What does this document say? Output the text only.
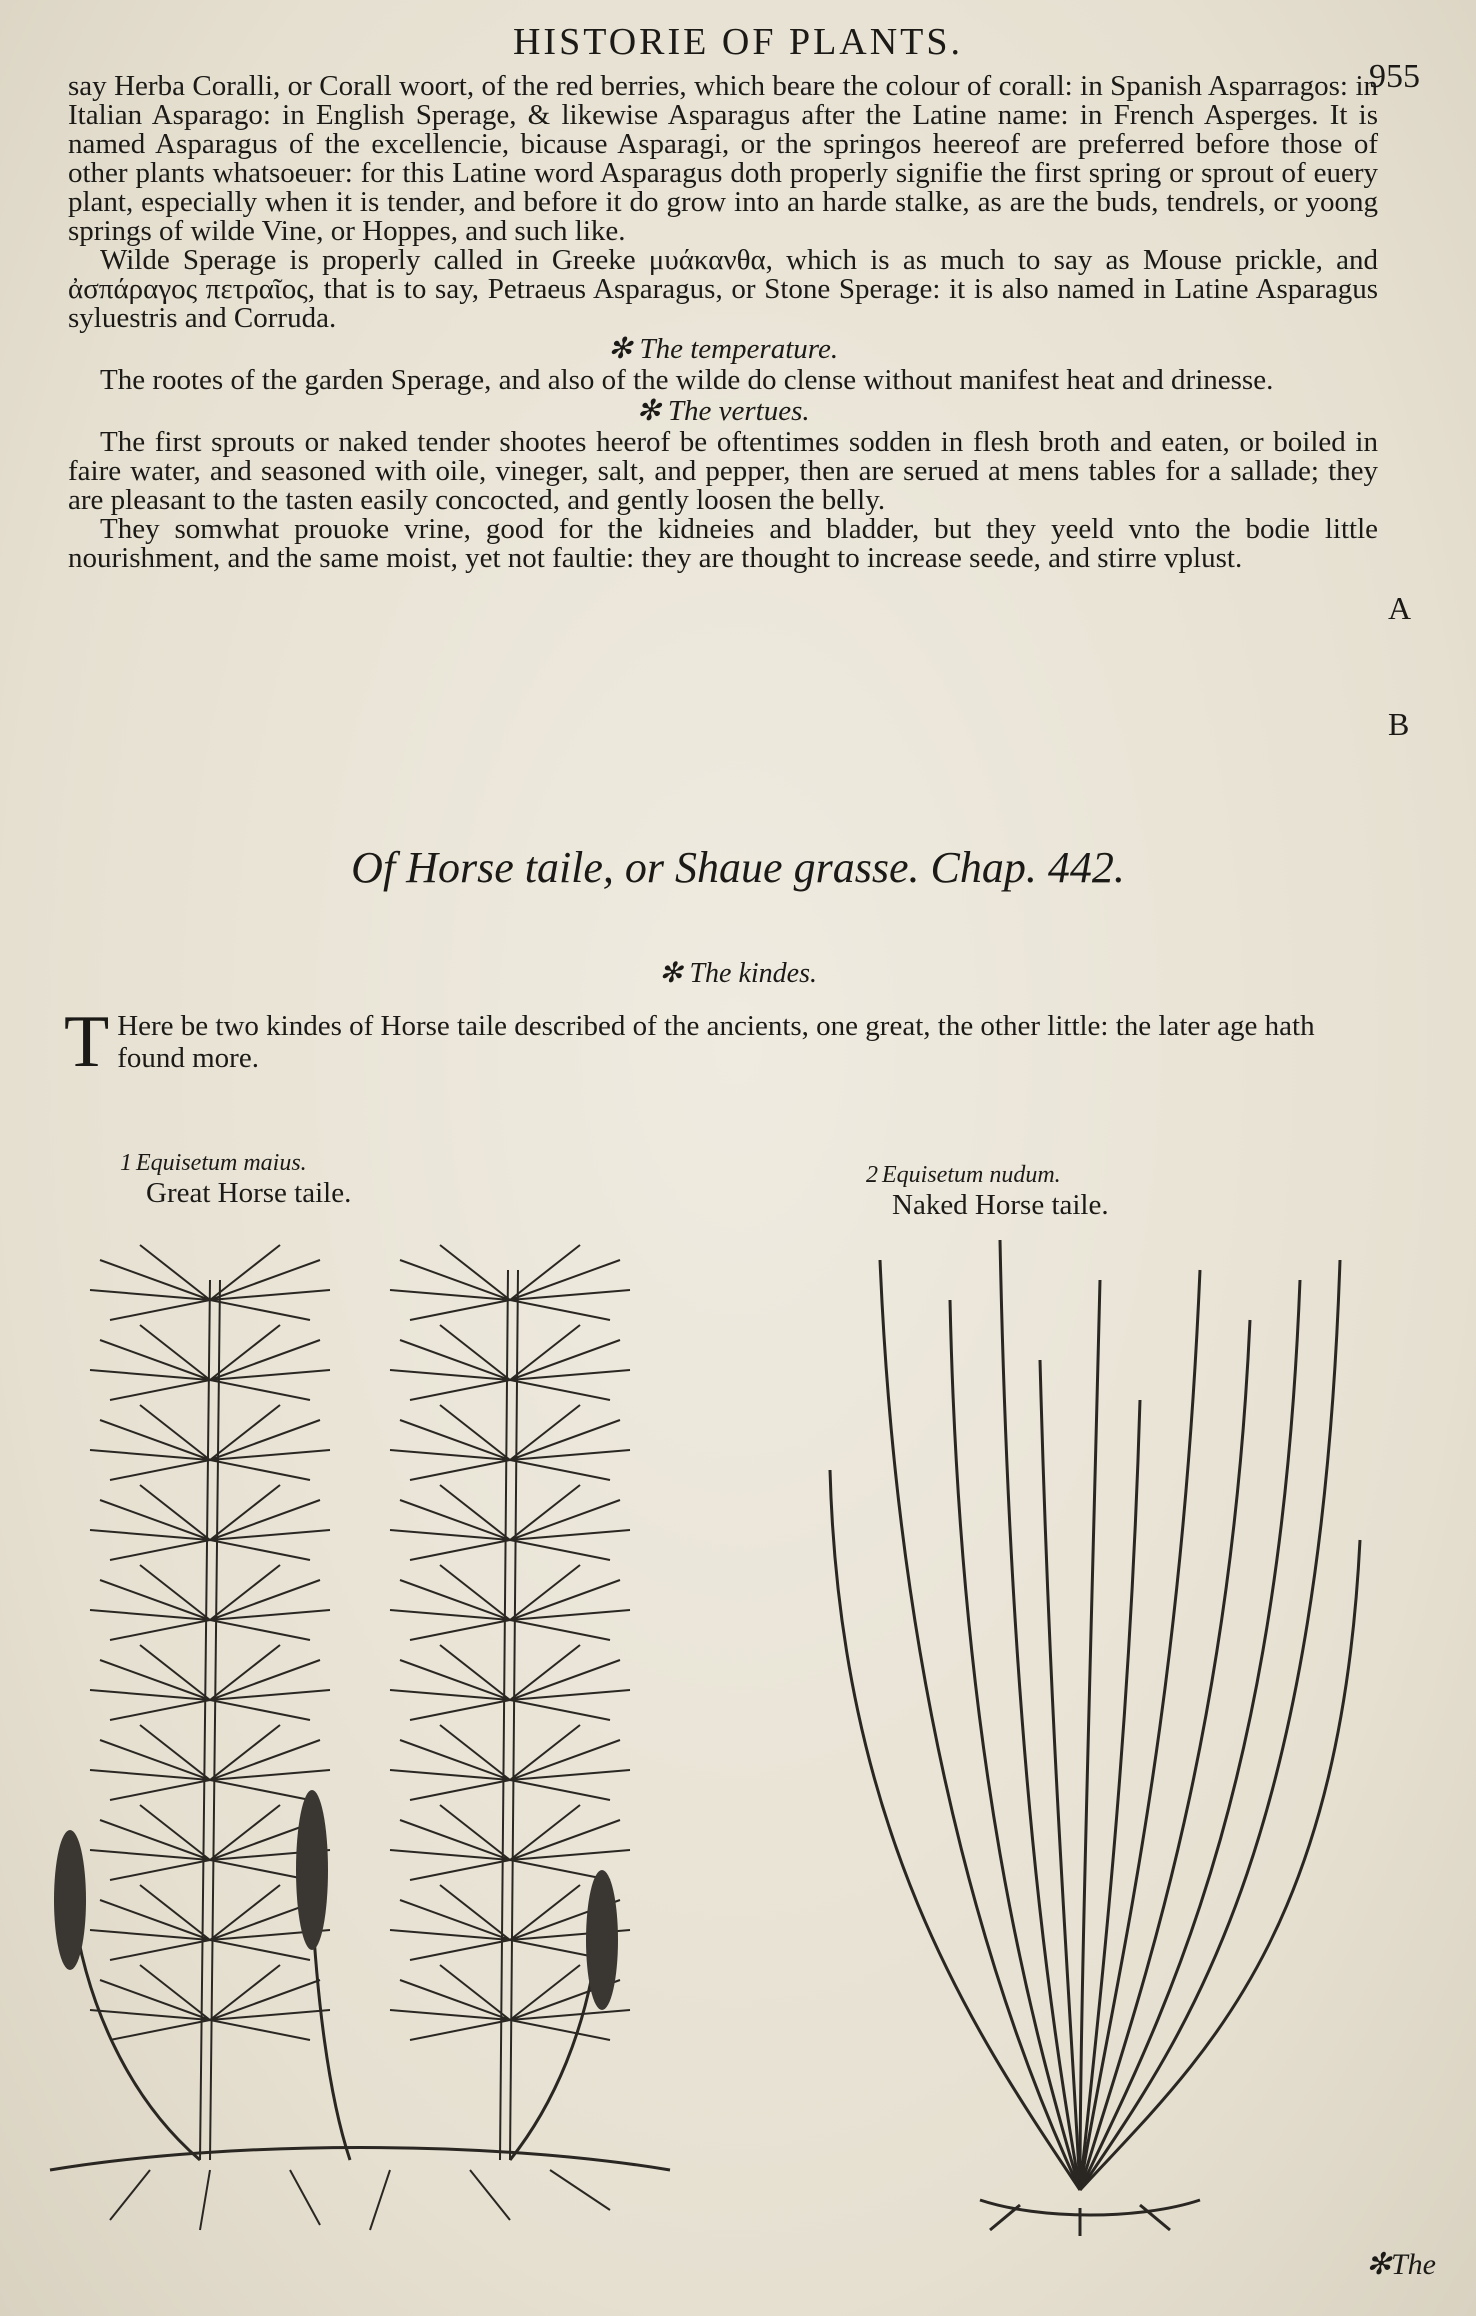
HISTORIE OF PLANTS.
955

say Herba Coralli, or Corall woort, of the red berries, which beare the colour of corall: in Spanish Asparragos: in Italian Asparago: in English Sperage, & likewise Asparagus after the Latine name: in French Asperges. It is named Asparagus of the excellencie, bicause Asparagi, or the springos heereof are preferred before those of other plants whatsoeuer: for this Latine word Asparagus doth properly signifie the first spring or sprout of euery plant, especially when it is tender, and before it do grow into an harde stalke, as are the buds, tendrels, or yoong springs of wilde Vine, or Hoppes, and such like.

Wilde Sperage is properly called in Greeke μυάκανθα, which is as much to say as Mouse prickle, and ἀσπάραγος πετραῖος, that is to say, Petraeus Asparagus, or Stone Sperage: it is also named in Latine Asparagus syluestris and Corruda.

✻ The temperature.

The rootes of the garden Sperage, and also of the wilde do clense without manifest heat and drinesse.

✻ The vertues.

The first sprouts or naked tender shootes heerof be oftentimes sodden in flesh broth and eaten, or boiled in faire water, and seasoned with oile, vineger, salt, and pepper, then are serued at mens tables for a sallade; they are pleasant to the tasten easily concocted, and gently loosen the belly.

They somwhat prouoke vrine, good for the kidneies and bladder, but they yeeld vnto the bodie little nourishment, and the same moist, yet not faultie: they are thought to increase seede, and stirre vplust.

A
B
Of Horse taile, or Shaue grasse. Chap. 442.
✻ The kindes.
T Here be two kindes of Horse taile described of the ancients, one great, the other little: the later age hath found more.
1 Equisetum maius.
Great Horse taile.
2 Equisetum nudum.
Naked Horse taile.
✻The
